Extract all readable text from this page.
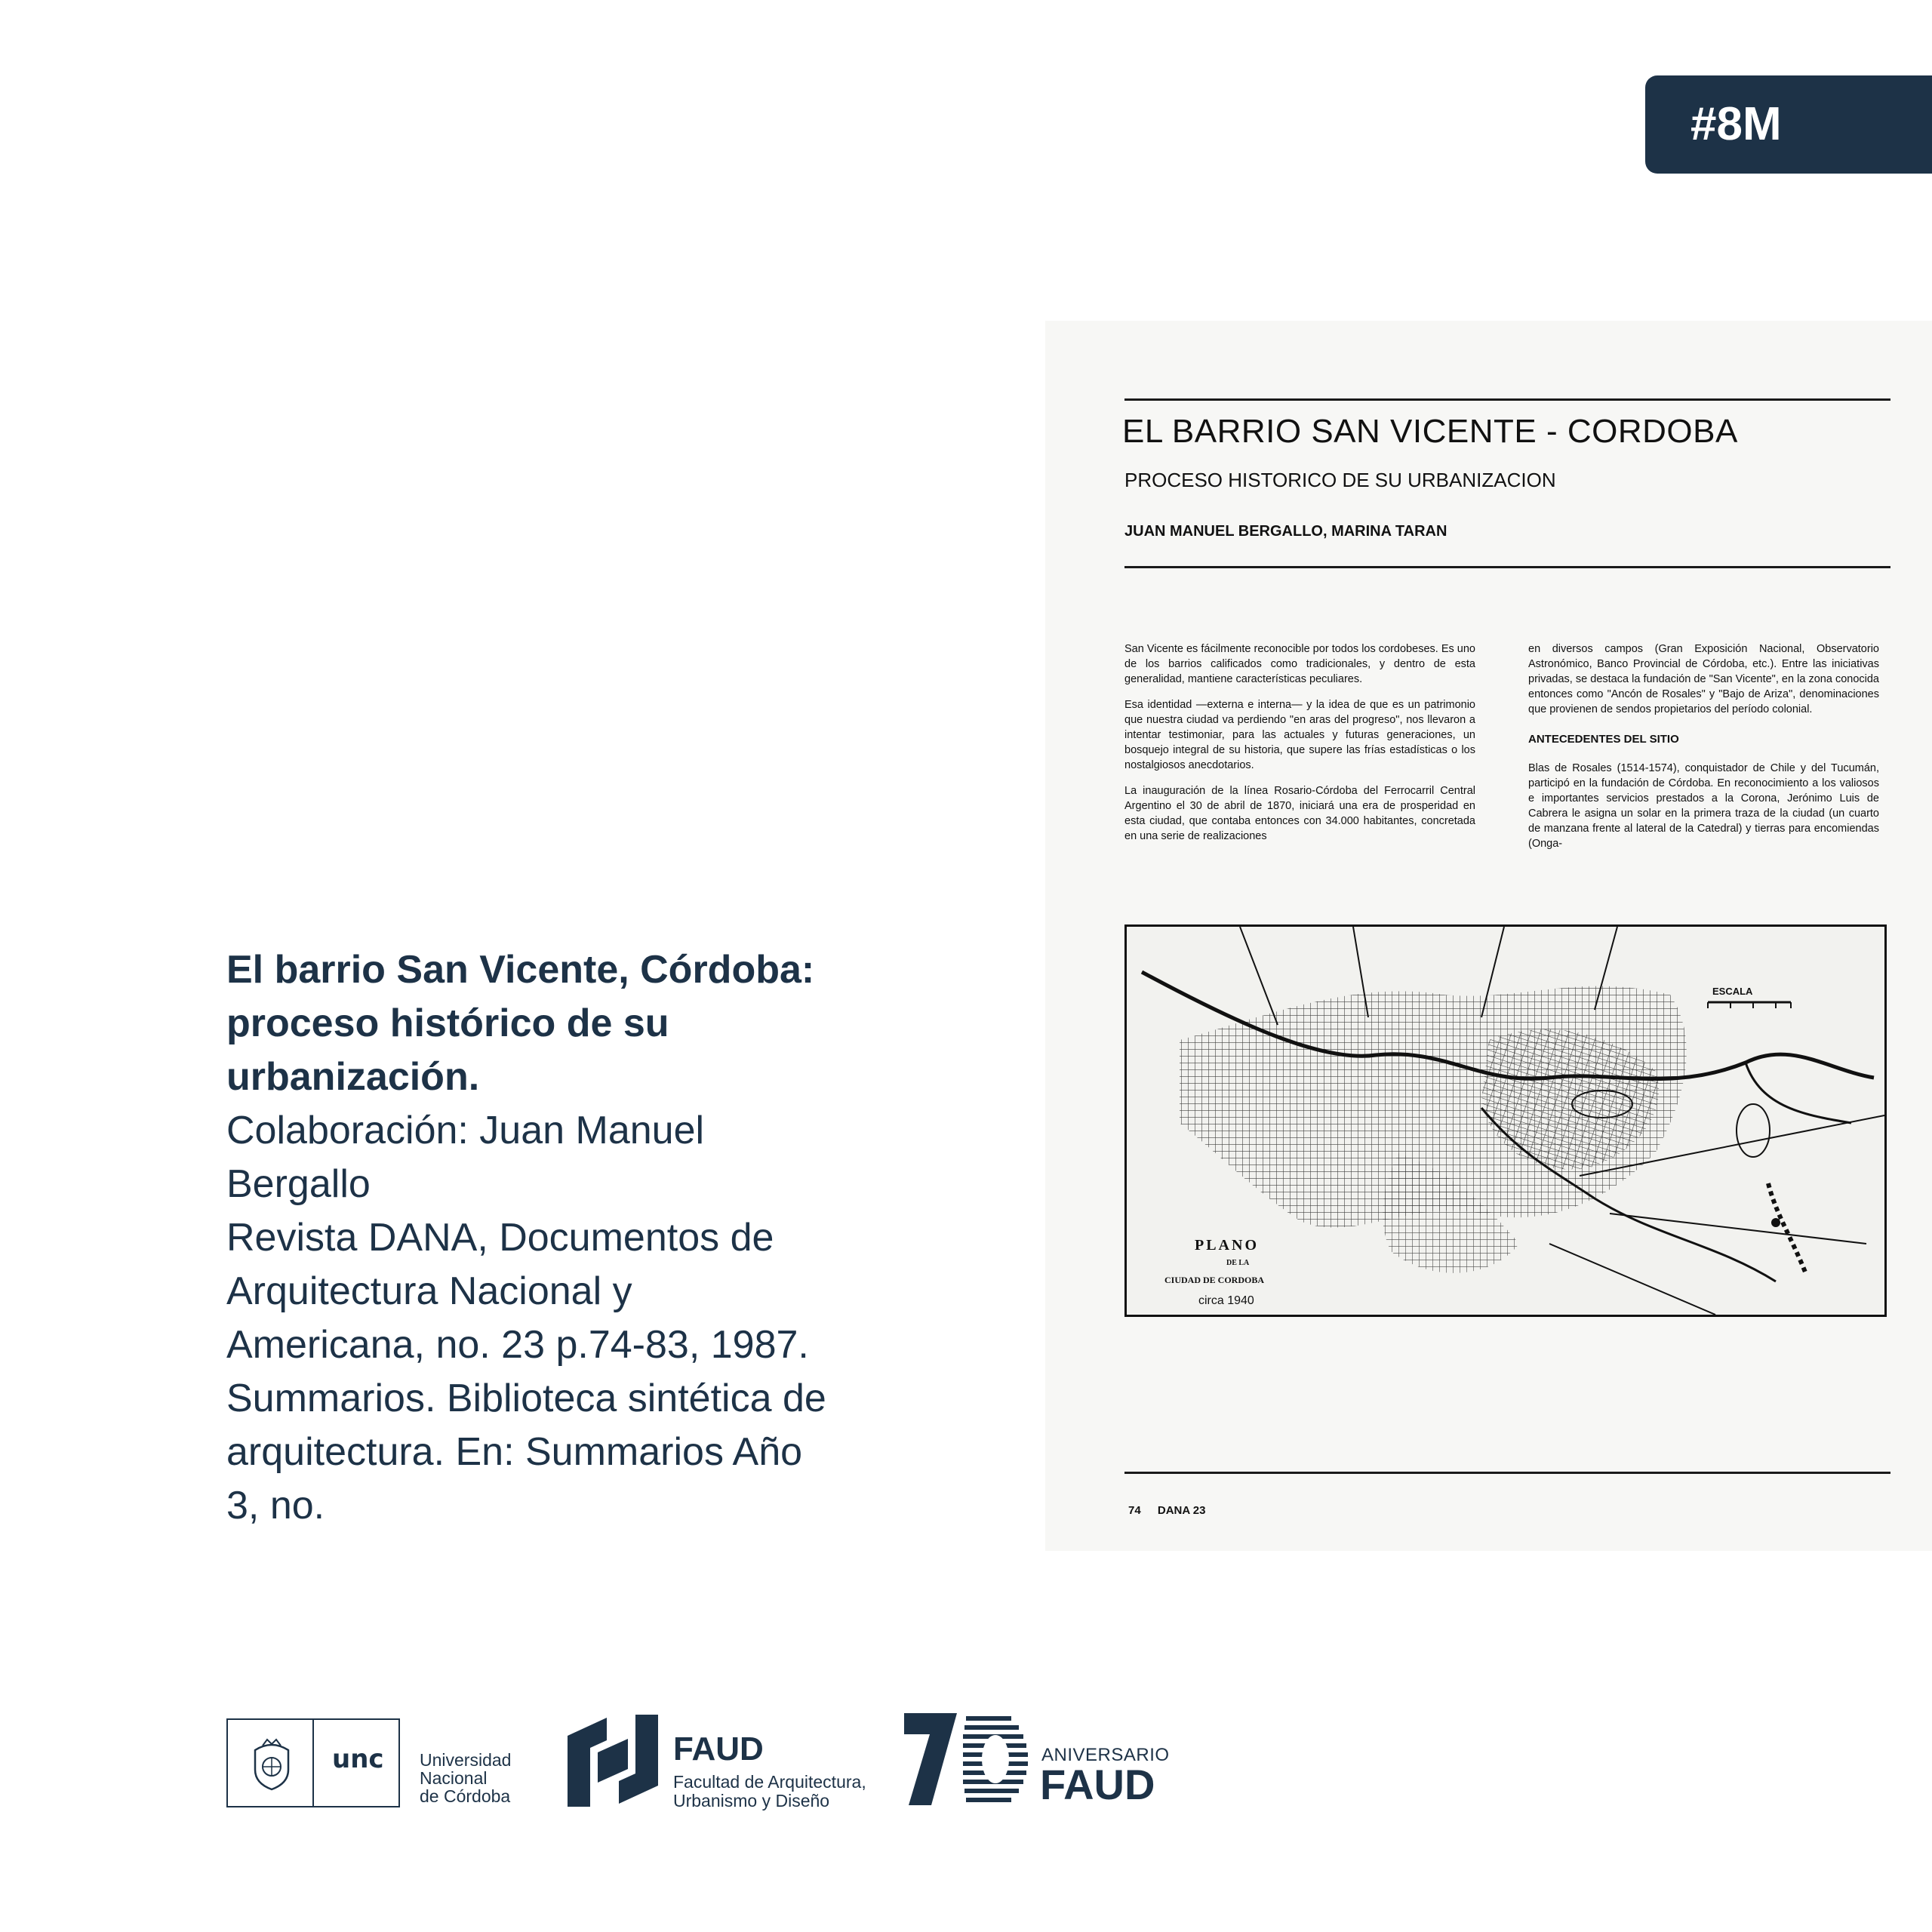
#8M
El barrio San Vicente, Córdoba:
proceso histórico de su
urbanización.
Colaboración: Juan Manuel
Bergallo
Revista DANA, Documentos de
Arquitectura Nacional y
Americana, no. 23 p.74-83, 1987.
Summarios. Biblioteca sintética de
arquitectura. En: Summarios Año
3, no.
EL BARRIO SAN VICENTE - CORDOBA
PROCESO HISTORICO DE SU URBANIZACION
JUAN MANUEL BERGALLO, MARINA TARAN

San Vicente es fácilmente reconocible por todos los cordobeses. Es uno de los barrios calificados como tradicionales, y dentro de esta generalidad, mantiene características peculiares.

Esa identidad —externa e interna— y la idea de que es un patrimonio que nuestra ciudad va perdiendo "en aras del progreso", nos llevaron a intentar testimoniar, para las actuales y futuras generaciones, un bosquejo integral de su historia, que supere las frías estadísticas o los nostalgiosos anecdotarios.

La inauguración de la línea Rosario-Córdoba del Ferrocarril Central Argentino el 30 de abril de 1870, iniciará una era de prosperidad en esta ciudad, que contaba entonces con 34.000 habitantes, concretada en una serie de realizaciones

en diversos campos (Gran Exposición Nacional, Observatorio Astronómico, Banco Provincial de Córdoba, etc.). Entre las iniciativas privadas, se destaca la fundación de "San Vicente", en la zona conocida entonces como "Ancón de Rosales" y "Bajo de Ariza", denominaciones que provienen de sendos propietarios del período colonial.

ANTECEDENTES DEL SITIO

Blas de Rosales (1514-1574), conquistador de Chile y del Tucumán, participó en la fundación de Córdoba. En reconocimiento a los valiosos e importantes servicios prestados a la Corona, Jerónimo Luis de Cabrera le asigna un solar en la primera traza de la ciudad (un cuarto de manzana frente al lateral de la Catedral) y tierras para encomiendas (Onga-

ESCALA
PLANO
DE LA
CIUDAD DE CORDOBA
circa 1940
74 DANA 23
unc Universidad
Nacional
de Córdoba
FAUD
Facultad de Arquitectura,
Urbanismo y Diseño
ANIVERSARIO
FAUD
